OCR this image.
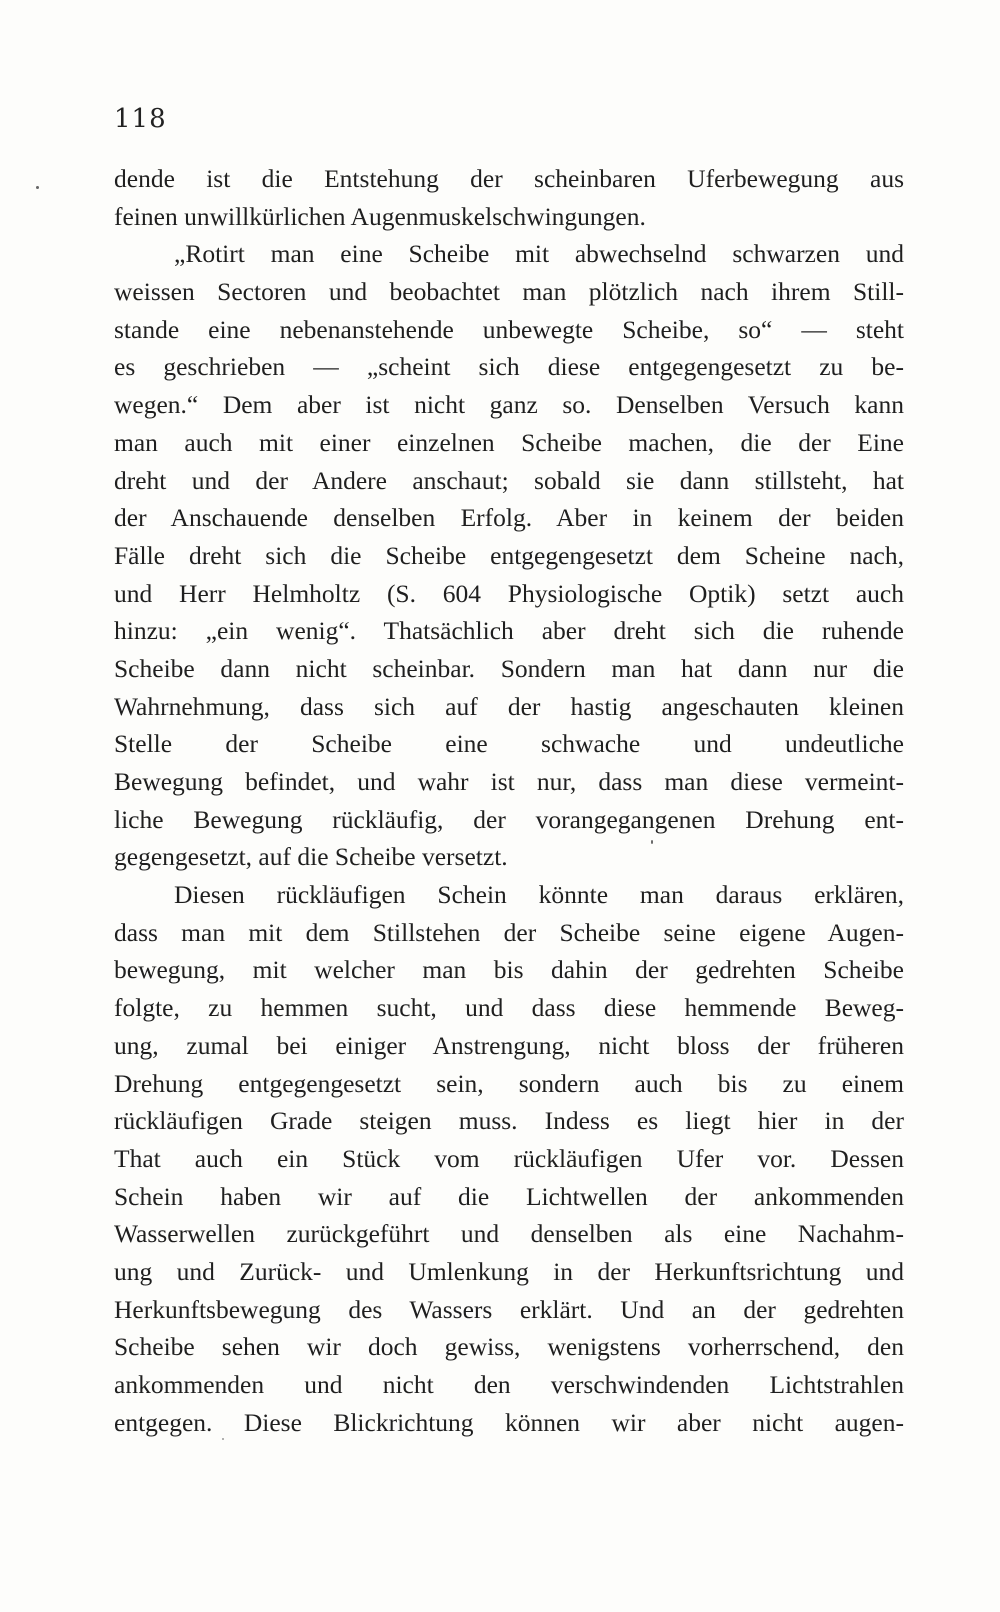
118
dende ist die Entstehung der scheinbaren Uferbewegung aus
feinen unwillkürlichen Augenmuskelschwingungen.
„Rotirt man eine Scheibe mit abwechselnd schwarzen und
weissen Sectoren und beobachtet man plötzlich nach ihrem Still-
stande eine nebenanstehende unbewegte Scheibe, so“ — steht
es geschrieben — „scheint sich diese entgegengesetzt zu be-
wegen.“ Dem aber ist nicht ganz so. Denselben Versuch kann
man auch mit einer einzelnen Scheibe machen, die der Eine
dreht und der Andere anschaut; sobald sie dann stillsteht, hat
der Anschauende denselben Erfolg. Aber in keinem der beiden
Fälle dreht sich die Scheibe entgegengesetzt dem Scheine nach,
und Herr Helmholtz (S. 604 Physiologische Optik) setzt auch
hinzu: „ein wenig“. Thatsächlich aber dreht sich die ruhende
Scheibe dann nicht scheinbar. Sondern man hat dann nur die
Wahrnehmung, dass sich auf der hastig angeschauten kleinen
Stelle der Scheibe eine schwache und undeutliche
Bewegung befindet, und wahr ist nur, dass man diese vermeint-
liche Bewegung rückläufig, der vorangegangenen Drehung ent-
gegengesetzt, auf die Scheibe versetzt.
Diesen rückläufigen Schein könnte man daraus erklären,
dass man mit dem Stillstehen der Scheibe seine eigene Augen-
bewegung, mit welcher man bis dahin der gedrehten Scheibe
folgte, zu hemmen sucht, und dass diese hemmende Beweg-
ung, zumal bei einiger Anstrengung, nicht bloss der früheren
Drehung entgegengesetzt sein, sondern auch bis zu einem
rückläufigen Grade steigen muss. Indess es liegt hier in der
That auch ein Stück vom rückläufigen Ufer vor. Dessen
Schein haben wir auf die Lichtwellen der ankommenden
Wasserwellen zurückgeführt und denselben als eine Nachahm-
ung und Zurück- und Umlenkung in der Herkunftsrichtung und
Herkunftsbewegung des Wassers erklärt. Und an der gedrehten
Scheibe sehen wir doch gewiss, wenigstens vorherrschend, den
ankommenden und nicht den verschwindenden Lichtstrahlen
entgegen. Diese Blickrichtung können wir aber nicht augen-
